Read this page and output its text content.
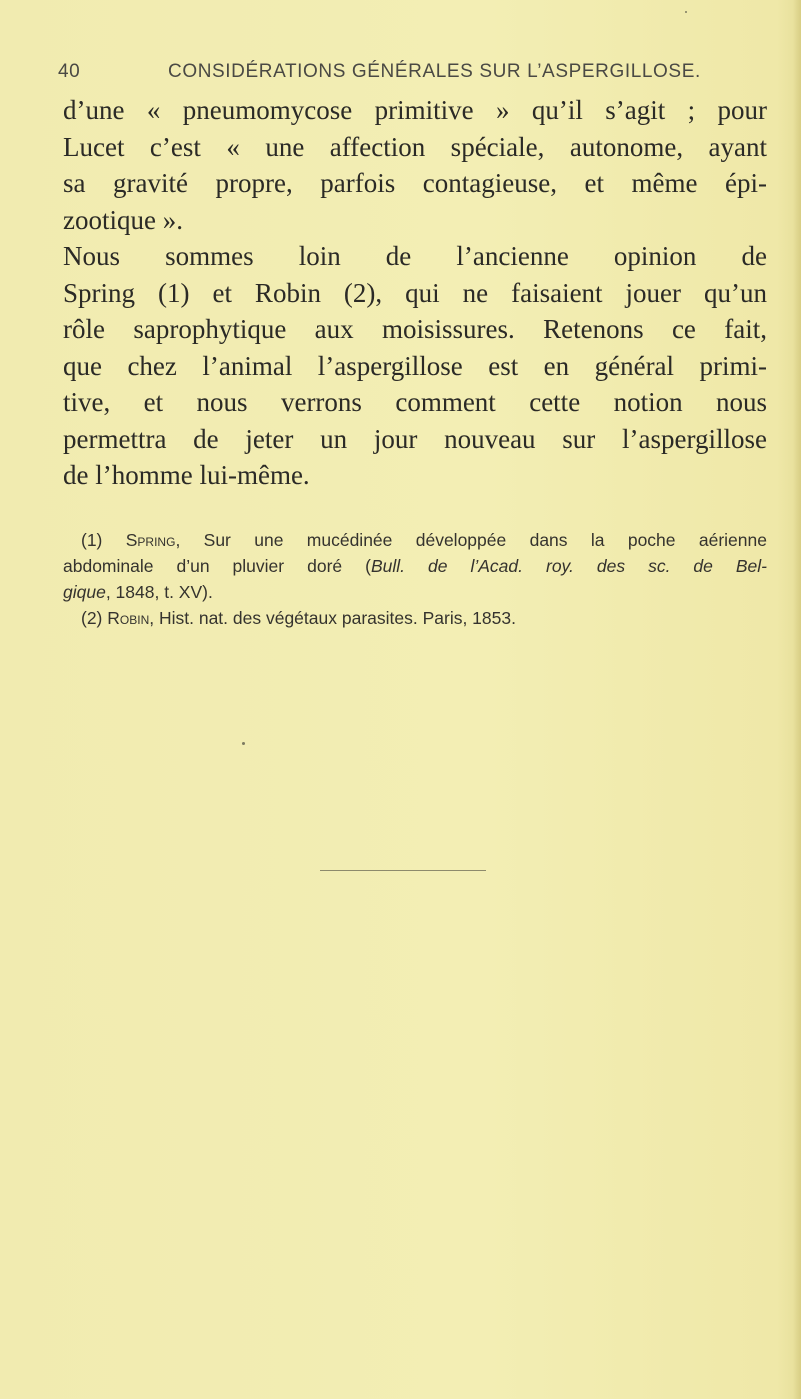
40	CONSIDÉRATIONS GÉNÉRALES SUR L’ASPERGILLOSE.
d’une « pneumomycose primitive » qu’il s’agit ; pour
Lucet c’est « une affection spéciale, autonome, ayant
sa gravité propre, parfois contagieuse, et même épi-
zootique ».
Nous sommes loin de l’ancienne opinion de
Spring (1) et Robin (2), qui ne faisaient jouer qu’un
rôle saprophytique aux moisissures. Retenons ce fait,
que chez l’animal l’aspergillose est en général primi-
tive, et nous verrons comment cette notion nous
permettra de jeter un jour nouveau sur l’aspergillose
de l’homme lui-même.
(1) Spring, Sur une mucédinée développée dans la poche aérienne
abdominale d’un pluvier doré (Bull. de l’Acad. roy. des sc. de Bel-
gique, 1848, t. XV).
(2) Robin, Hist. nat. des végétaux parasites. Paris, 1853.
